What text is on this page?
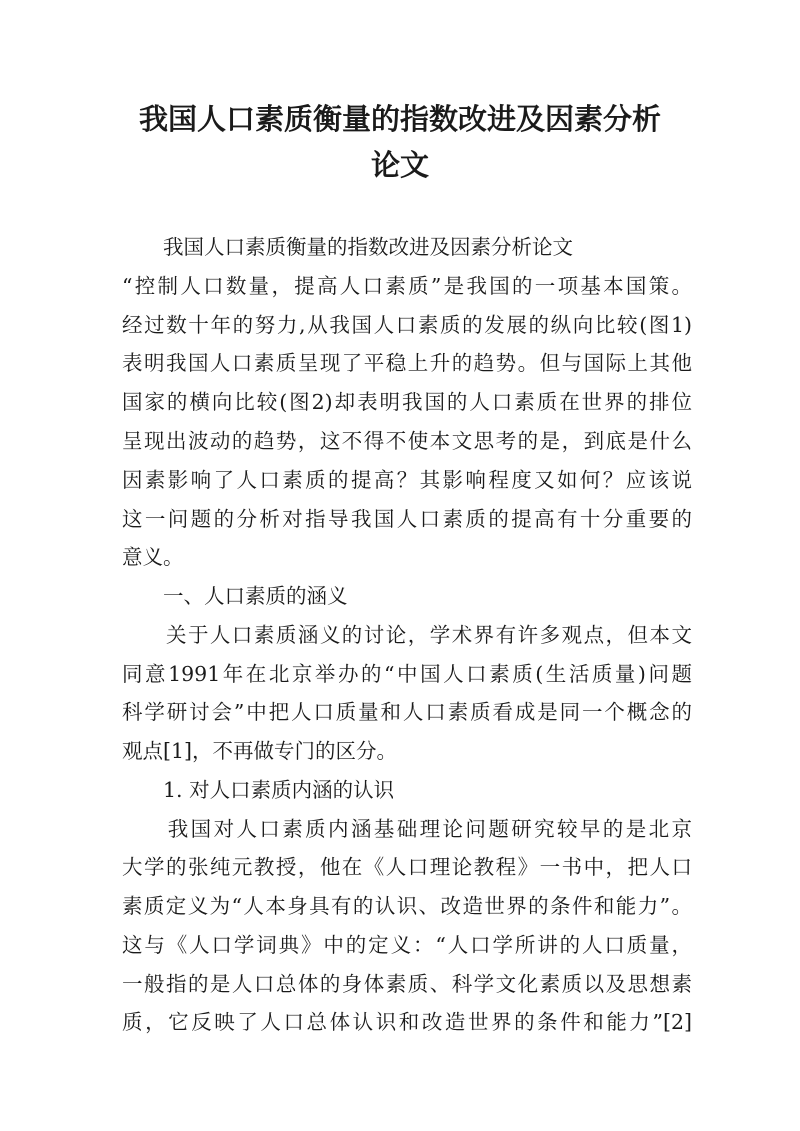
我国人口素质衡量的指数改进及因素分析
论文
　　我国人口素质衡量的指数改进及因素分析论文
“控制人口数量，提高人口素质”是我国的一项基本国策。
经过数十年的努力,从我国人口素质的发展的纵向比较(图1)
表明我国人口素质呈现了平稳上升的趋势。但与国际上其他
国家的横向比较(图2)却表明我国的人口素质在世界的排位
呈现出波动的趋势，这不得不使本文思考的是，到底是什么
因素影响了人口素质的提高？其影响程度又如何？应该说
这一问题的分析对指导我国人口素质的提高有十分重要的
意义。
　　一、人口素质的涵义
　　关于人口素质涵义的讨论，学术界有许多观点，但本文
同意1991年在北京举办的“中国人口素质(生活质量)问题
科学研讨会”中把人口质量和人口素质看成是同一个概念的
观点[1]，不再做专门的区分。
　　1. 对人口素质内涵的认识
　　我国对人口素质内涵基础理论问题研究较早的是北京
大学的张纯元教授，他在《人口理论教程》一书中，把人口
素质定义为“人本身具有的认识、改造世界的条件和能力”。
这与《人口学词典》中的定义：“人口学所讲的人口质量，
一般指的是人口总体的身体素质、科学文化素质以及思想素
质，它反映了人口总体认识和改造世界的条件和能力”[2]
